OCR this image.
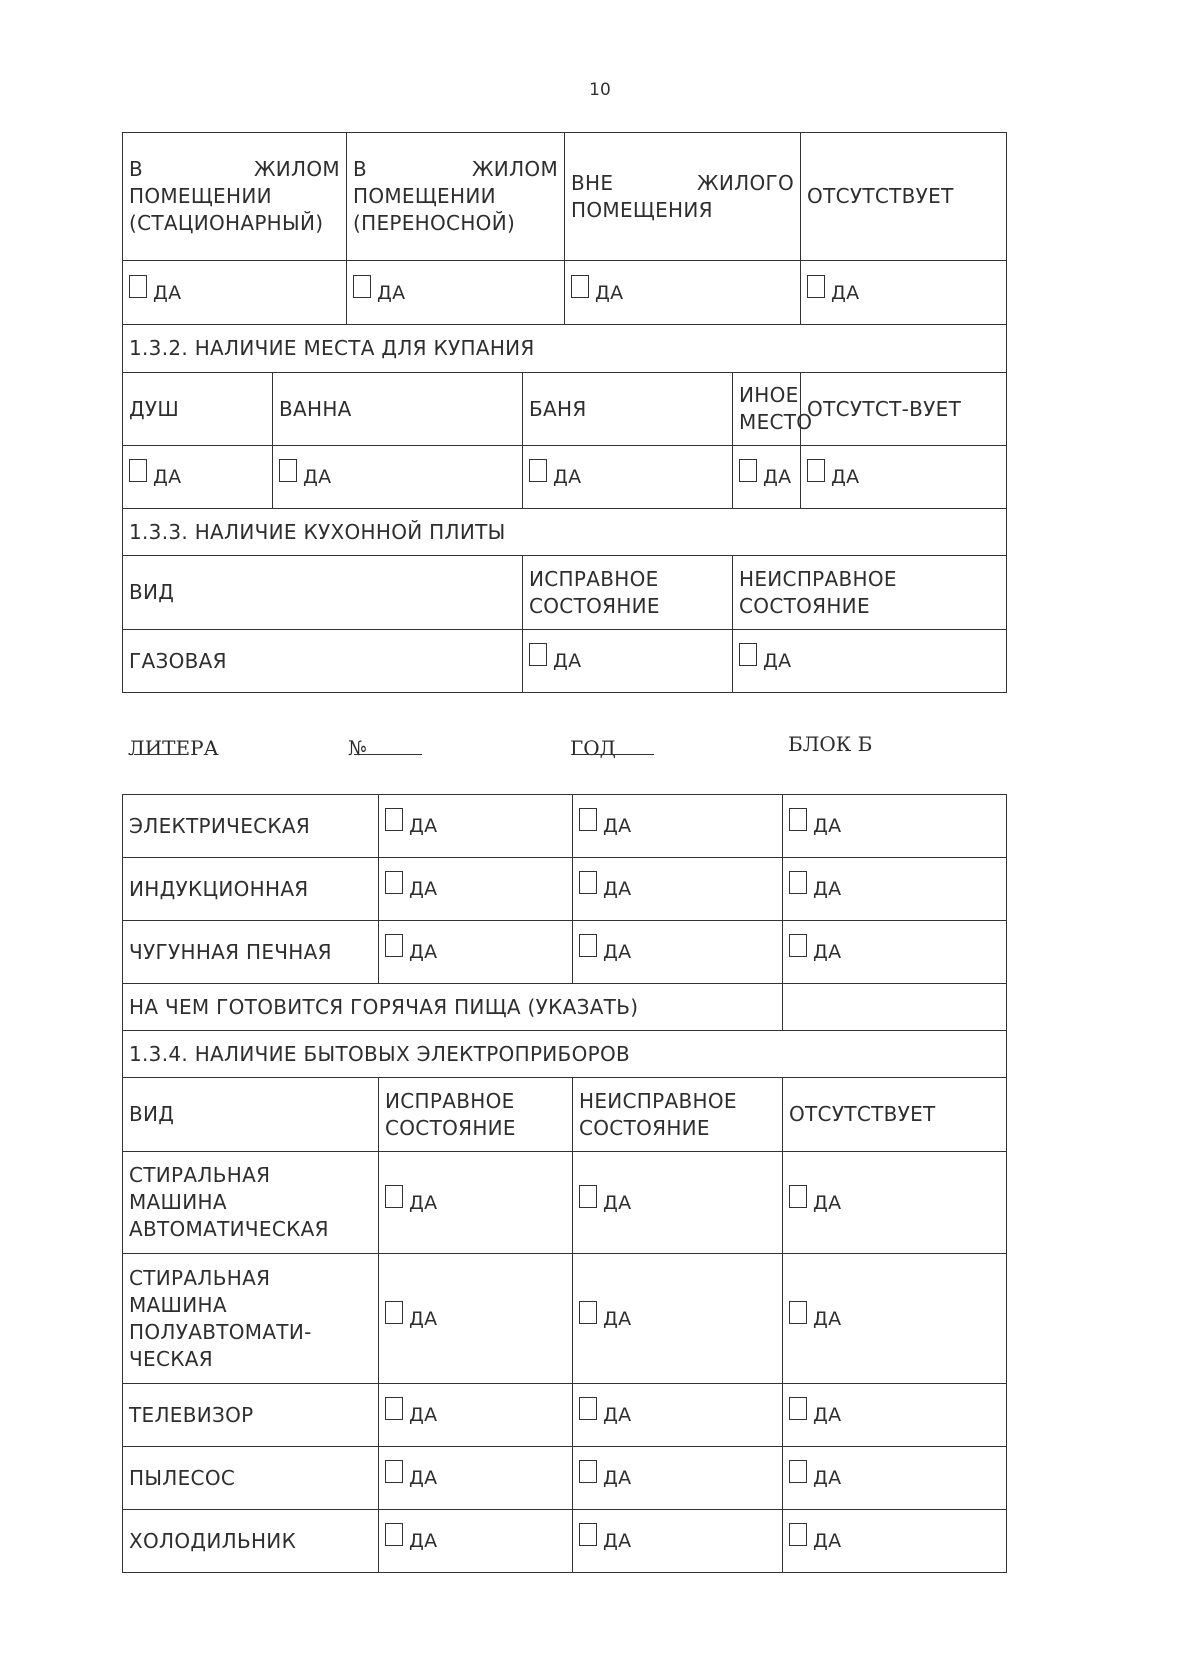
10
В ЖИЛОМ ПОМЕЩЕНИИ (СТАЦИОНАРНЫЙ)		В ЖИЛОМ ПОМЕЩЕНИИ (ПЕРЕНОСНОЙ)		ВНЕ ЖИЛОГО ПОМЕЩЕНИЯ		ОТСУТСТВУЕТ	

ДА		ДА		ДА		ДА	

1.3.2. НАЛИЧИЕ МЕСТА ДЛЯ КУПАНИЯ							
ДУШ	ВАННА		БАНЯ		ИНОЕ МЕСТО	ОТСУТСТ-ВУЕТ	

ДА	ДА		ДА		ДА	ДА	

1.3.3. НАЛИЧИЕ КУХОННОЙ ПЛИТЫ							
ВИД			ИСПРАВНОЕ СОСТОЯНИЕ		НЕИСПРАВНОЕ СОСТОЯНИЕ	
ГАЗОВАЯ			ДА		ДА

ЛИТЕРА	№	ГОД	БЛОК Б
ЭЛЕКТРИЧЕСКАЯ	ДА	ДА	ДА

ИНДУКЦИОННАЯ	ДА	ДА	ДА

ЧУГУННАЯ ПЕЧНАЯ	ДА	ДА	ДА

НА ЧЕМ ГОТОВИТСЯ ГОРЯЧАЯ ПИЩА (УКАЗАТЬ)			
1.3.4. НАЛИЧИЕ БЫТОВЫХ ЭЛЕКТРОПРИБОРОВ			
ВИД	ИСПРАВНОЕ СОСТОЯНИЕ	НЕИСПРАВНОЕ СОСТОЯНИЕ	ОТСУТСТВУЕТ
СТИРАЛЬНАЯ МАШИНА АВТОМАТИЧЕСКАЯ	ДА	ДА	ДА

СТИРАЛЬНАЯ МАШИНА ПОЛУАВТОМАТИ-ЧЕСКАЯ	ДА	ДА	ДА

ТЕЛЕВИЗОР	ДА	ДА	ДА

ПЫЛЕСОС	ДА	ДА	ДА

ХОЛОДИЛЬНИК	ДА	ДА	ДА
